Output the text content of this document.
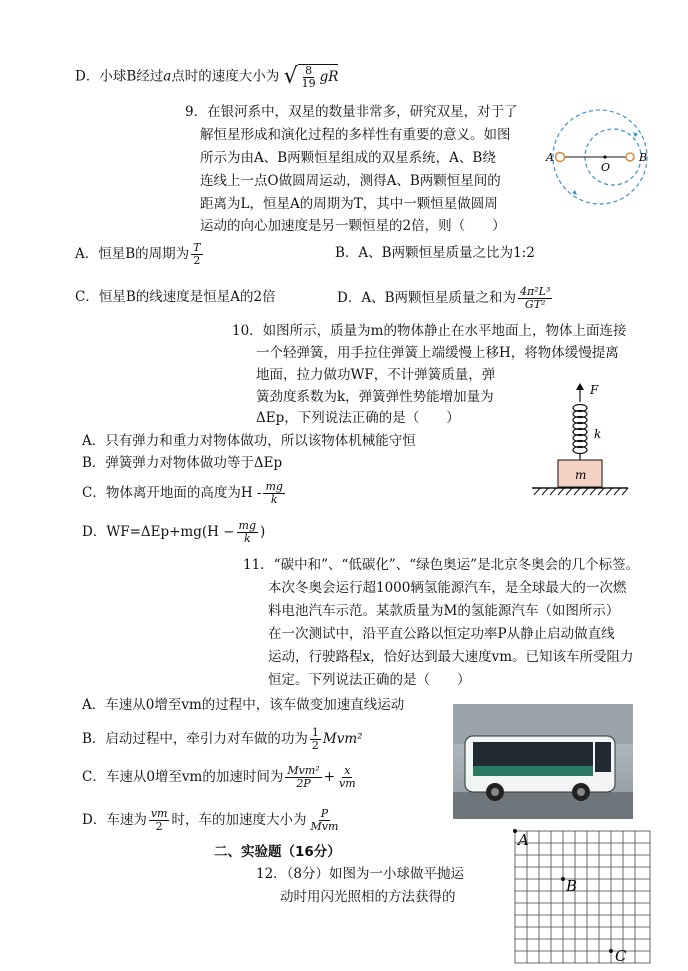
D．小球B经过a点时的速度大小为 √ $\frac{8}{19}$ gR
9．在银河系中，双星的数量非常多，研究双星，对于了
解恒星形成和演化过程的多样性有重要的意义。如图
所示为由A、B两颗恒星组成的双星系统，A、B绕
连线上一点O做圆周运动，测得A、B两颗恒星间的
距离为L，恒星A的周期为T，其中一颗恒星做圆周
运动的向心加速度是另一颗恒星的2倍，则（　　）
A	B
O
A．恒星B的周期为 $\frac{T}{2}$	B．A、B两颗恒星质量之比为1:2
C．恒星B的线速度是恒星A的2倍	D．A、B两颗恒星质量之和为 $\frac{\text{4π²L³}}{\text{GT²}}$
10．如图所示，质量为m的物体静止在水平地面上，物体上面连接
一个轻弹簧，用手拉住弹簧上端缓慢上移H，将物体缓慢提离
地面，拉力做功WF，不计弹簧质量，弹
簧劲度系数为k，弹簧弹性势能增加量为
ΔEp，下列说法正确的是（　　）
A．只有弹力和重力对物体做功，所以该物体机械能守恒
B．弹簧弹力对物体做功等于ΔEp
C．物体离开地面的高度为H - $\frac{mg}{k}$
D．$WF=\Delta Ep+mg(H - \frac{mg}{k}$ )
F
k
m
11．“碳中和”、“低碳化”、“绿色奥运”是北京冬奥会的几个标签。
本次冬奥会运行超1000辆氢能源汽车，是全球最大的一次燃
料电池汽车示范。某款质量为M的氢能源汽车（如图所示）
在一次测试中，沿平直公路以恒定功率P从静止启动做直线
运动，行驶路程x，恰好达到最大速度vm。已知该车所受阻力
恒定。下列说法正确的是（　　）
A．车速从0增至vm的过程中，该车做变加速直线运动
B．启动过程中，牵引力对车做的功为 $\frac{1}{2} Mvm^2$
C．车速从0增至vm的加速时间为 $\frac{\text{Mvm²}}{2P} + \frac{x}{vm}$
D．车速为 $\frac{vm}{2}$ 时，车的加速度大小为 $\frac{P}{\text{Mvm}}$
二、实验题（16分）
12．（8分）如图为一小球做平抛运
动时用闪光照相的方法获得的
A
B
C
